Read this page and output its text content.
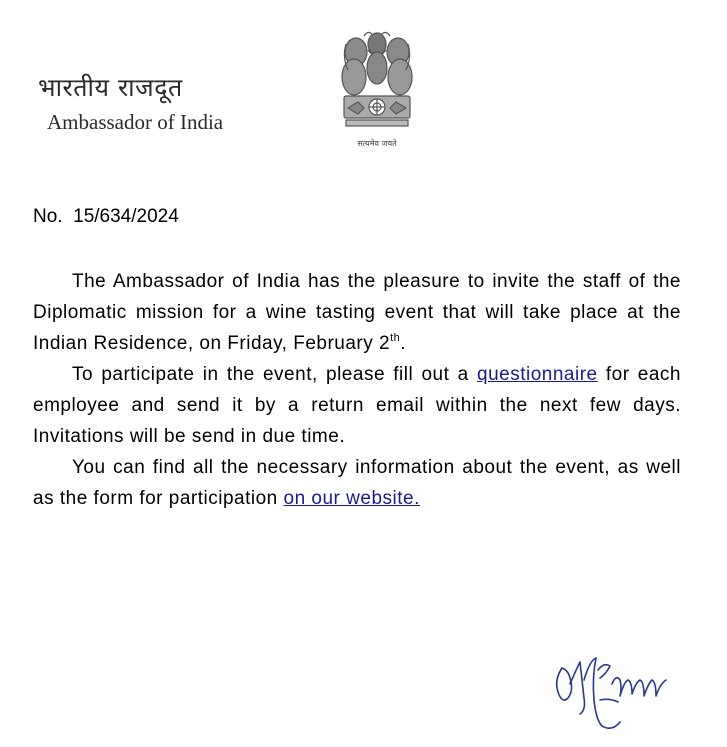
भारतीय राजदूत
Ambassador of India
सत्यमेव जयते
No.  15/634/2024

The Ambassador of India has the pleasure to invite the staff of the Diplomatic mission for a wine tasting event that will take place at the Indian Residence, on Friday, February 2th.

To participate in the event, please fill out a questionnaire for each employee and send it by a return email within the next few days. Invitations will be send in due time.

You can find all the necessary information about the event, as well as the form for participation on our website.
